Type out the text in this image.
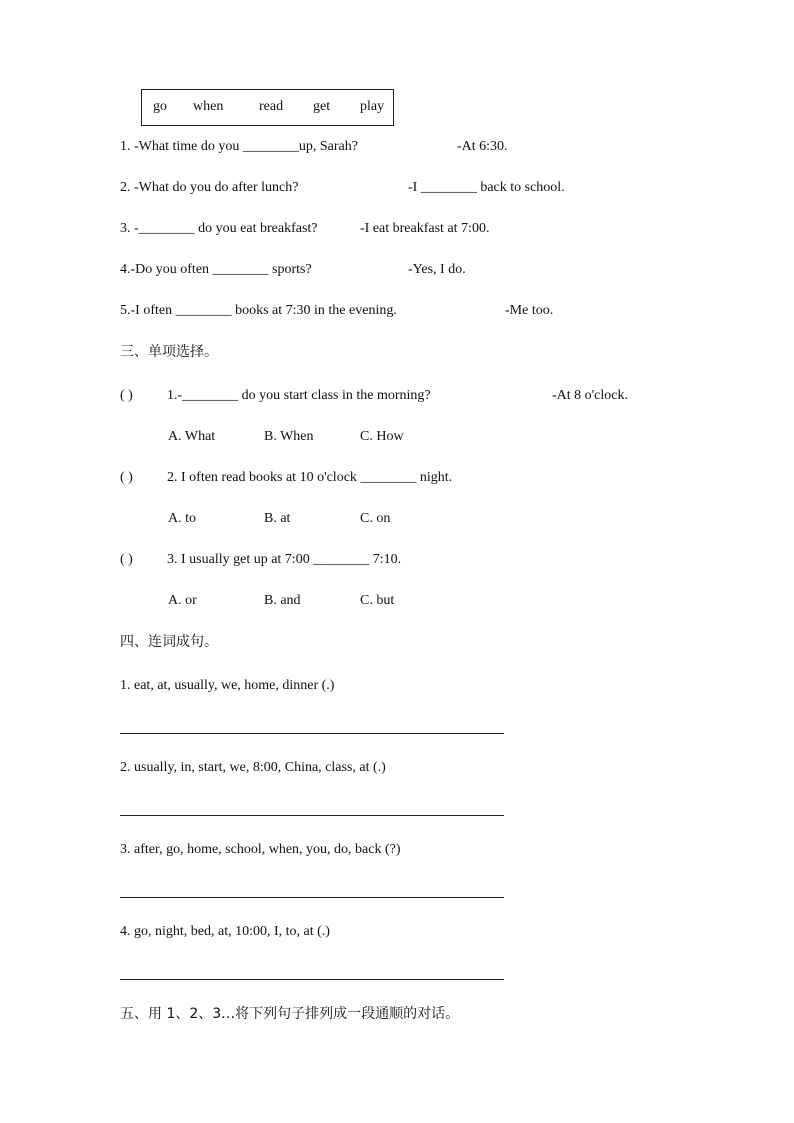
go when	read get play
1. -What time do you ________up, Sarah?	-At 6:30.
2. -What do you do after lunch?	-I ________ back to school.
3. -________ do you eat breakfast?	-I eat breakfast at 7:00.
4.-Do you often ________ sports?	-Yes, I do.
5.-I often ________ books at 7:30 in the evening.	-Me too.
三、单项选择。
( ) 1.-________ do you start class in the morning?	-At 8 o'clock.
A. What	B. When	C. How
( ) 2. I often read books at 10 o'clock ________ night.
A. to	B. at	C. on
( ) 3. I usually get up at 7:00 ________ 7:10.
A. or	B. and	C. but
四、连词成句。
1. eat, at, usually, we, home, dinner (.)
2. usually, in, start, we, 8:00, China, class, at (.)
3. after, go, home, school, when, you, do, back (?)
4. go, night, bed, at, 10:00, I, to, at (.)
五、用 1、2、3…将下列句子排列成一段通顺的对话。
